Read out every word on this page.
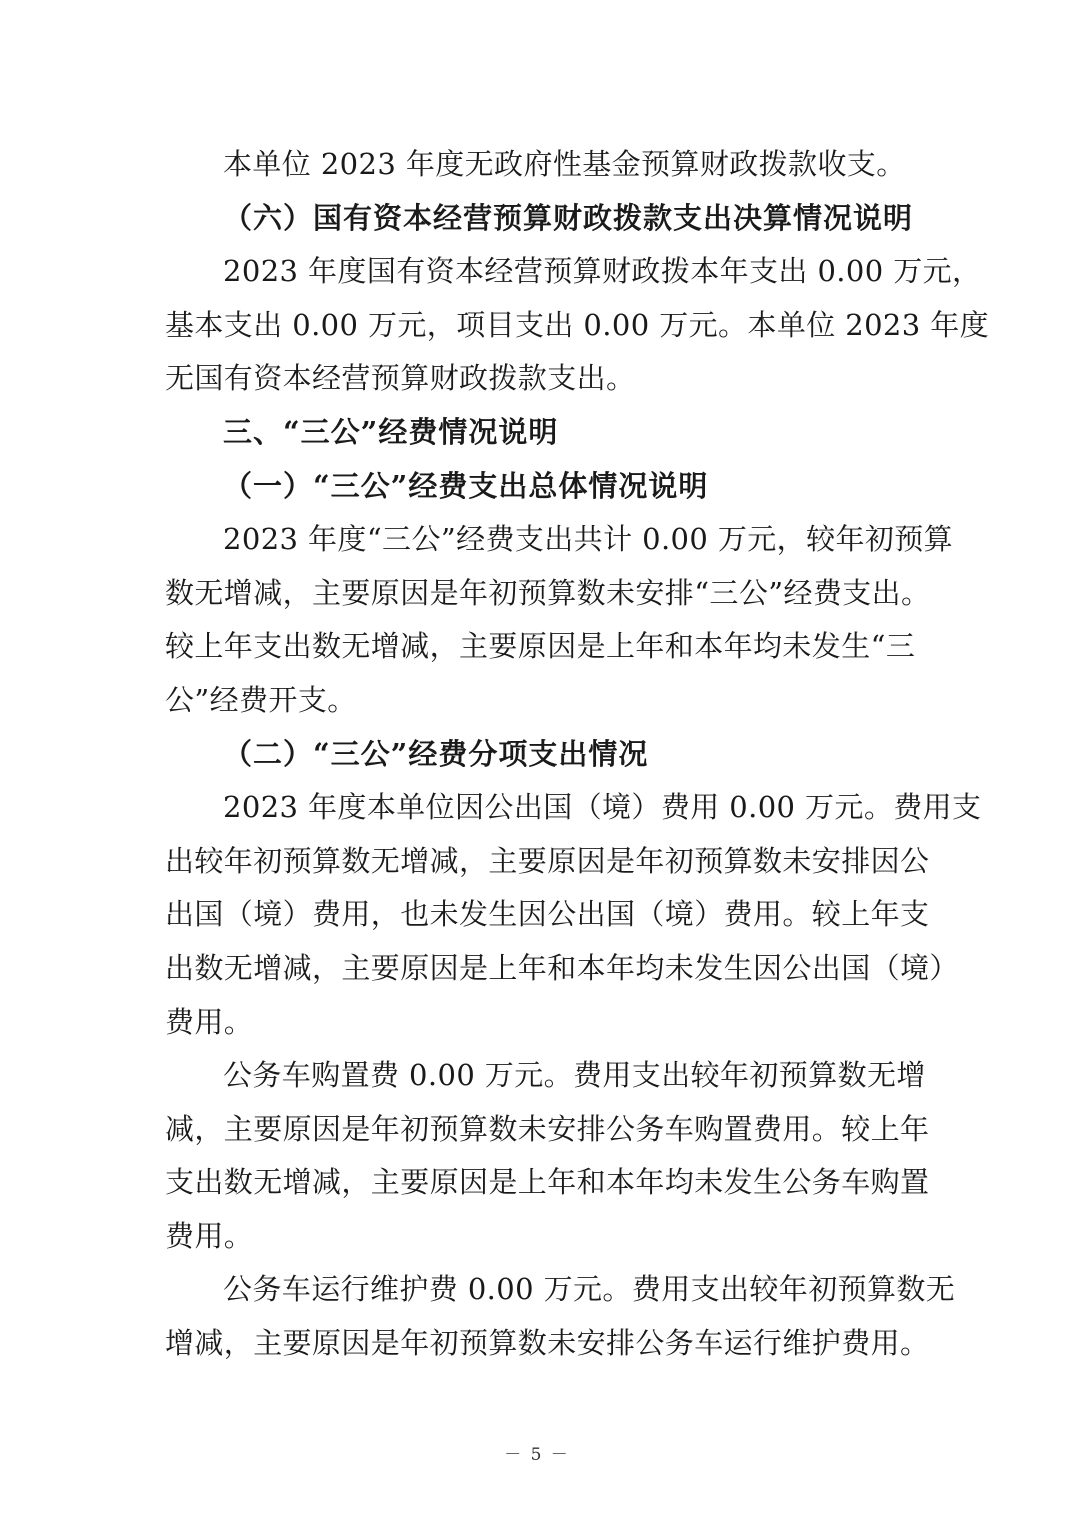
本单位 2023 年度无政府性基金预算财政拨款收支。

（六）国有资本经营预算财政拨款支出决算情况说明

2023 年度国有资本经营预算财政拨本年支出 0.00 万元，
基本支出 0.00 万元，项目支出 0.00 万元。本单位 2023 年度
无国有资本经营预算财政拨款支出。

三、“三公”经费情况说明

（一）“三公”经费支出总体情况说明

2023 年度“三公”经费支出共计 0.00 万元，较年初预算
数无增减，主要原因是年初预算数未安排“三公”经费支出。
较上年支出数无增减，主要原因是上年和本年均未发生“三
公”经费开支。

（二）“三公”经费分项支出情况

2023 年度本单位因公出国（境）费用 0.00 万元。费用支
出较年初预算数无增减，主要原因是年初预算数未安排因公
出国（境）费用，也未发生因公出国（境）费用。较上年支
出数无增减，主要原因是上年和本年均未发生因公出国（境）
费用。

公务车购置费 0.00 万元。费用支出较年初预算数无增
减，主要原因是年初预算数未安排公务车购置费用。较上年
支出数无增减，主要原因是上年和本年均未发生公务车购置
费用。

公务车运行维护费 0.00 万元。费用支出较年初预算数无
增减，主要原因是年初预算数未安排公务车运行维护费用。

－ 5 －
